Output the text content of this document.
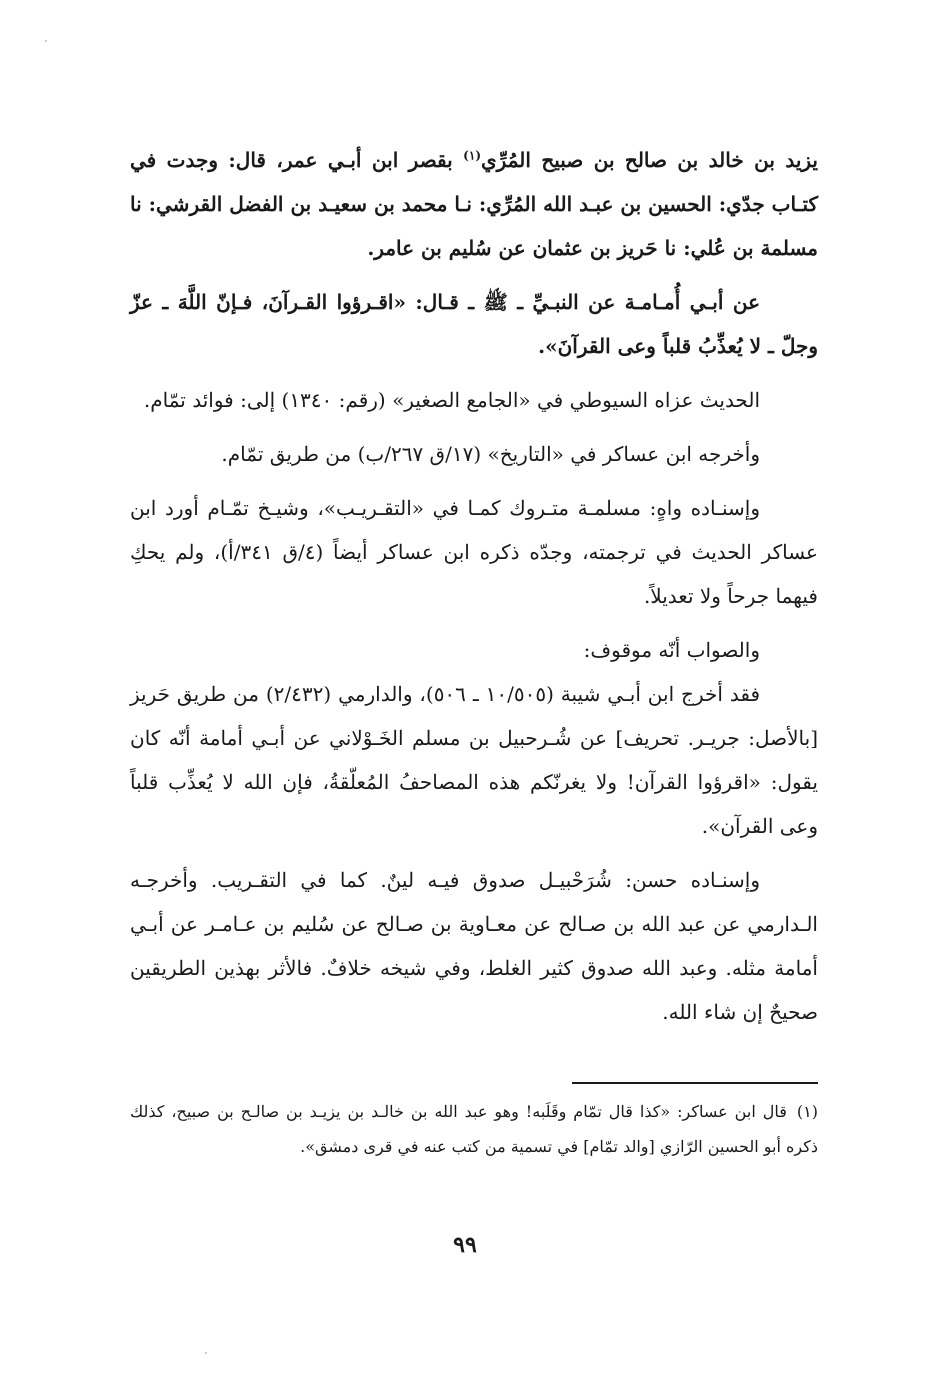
يزيد بن خالد بن صالح بن صبيح المُرِّي$^{(١)}$ بقصر ابن أبـي عمر، قال: وجدت في كتـاب جدّي: الحسين بن عبـد الله المُرِّي: نـا محمد بن سعيـد بن الفضل القرشي: نا مسلمة بن عُلي: نا حَريز بن عثمان عن سُليم بن عامر.

عن أبـي أُمـامـة عن النبـيِّ ـ ﷺ ـ قـال: «اقـرؤوا القـرآنَ، فـإنّ اللَّهَ ـ عزّ وجلّ ـ لا يُعذِّبُ قلباً وعى القرآنَ».

الحديث عزاه السيوطي في «الجامع الصغير» (رقم: ١٣٤٠) إلى: فوائد تمّام.

وأخرجه ابن عساكر في «التاريخ» (١٧/ق ٢٦٧/ب) من طريق تمّام.

وإسنـاده واهٍ: مسلمـة متـروك كمـا في «التقـريـب»، وشيـخ تمّـام أورد ابن عساكر الحديث في ترجمته، وجدّه ذكره ابن عساكر أيضاً (٤/ق ٣٤١/أ)، ولم يحكِ فيهما جرحاً ولا تعديلاً.

والصواب أنّه موقوف:

فقد أخرج ابن أبـي شيبة (١٠/٥٠٥ ـ ٥٠٦)، والدارمي (٢/٤٣٢) من طريق حَريز [بالأصل: جريـر. تحريف] عن شُـرحبيل بن مسلم الخَـوْلاني عن أبـي أمامة أنّه كان يقول: «اقرؤوا القرآن! ولا يغرنّكم هذه المصاحفُ المُعلّقةُ، فإن الله لا يُعذِّب قلباً وعى القرآن».

وإسنـاده حسن: شُرَحْبيـل صدوق فيـه لينٌ. كما في التقـريب. وأخرجـه الـدارمي عن عبد الله بن صـالح عن معـاوية بن صـالح عن سُليم بن عـامـر عن أبـي أمامة مثله. وعبد الله صدوق كثير الغلط، وفي شيخه خلافٌ. فالأثر بهذين الطريقين صحيحٌ إن شاء الله.

(١)قال ابن عساكر: «كذا قال تمّام وقَلَبه! وهو عبد الله بن خالـد بن يزيـد بن صالـح بن صبيح، كذلك ذكره أبو الحسين الرّازي [والد تمّام] في تسمية من كتب عنه في قرى دمشق».
٩٩
